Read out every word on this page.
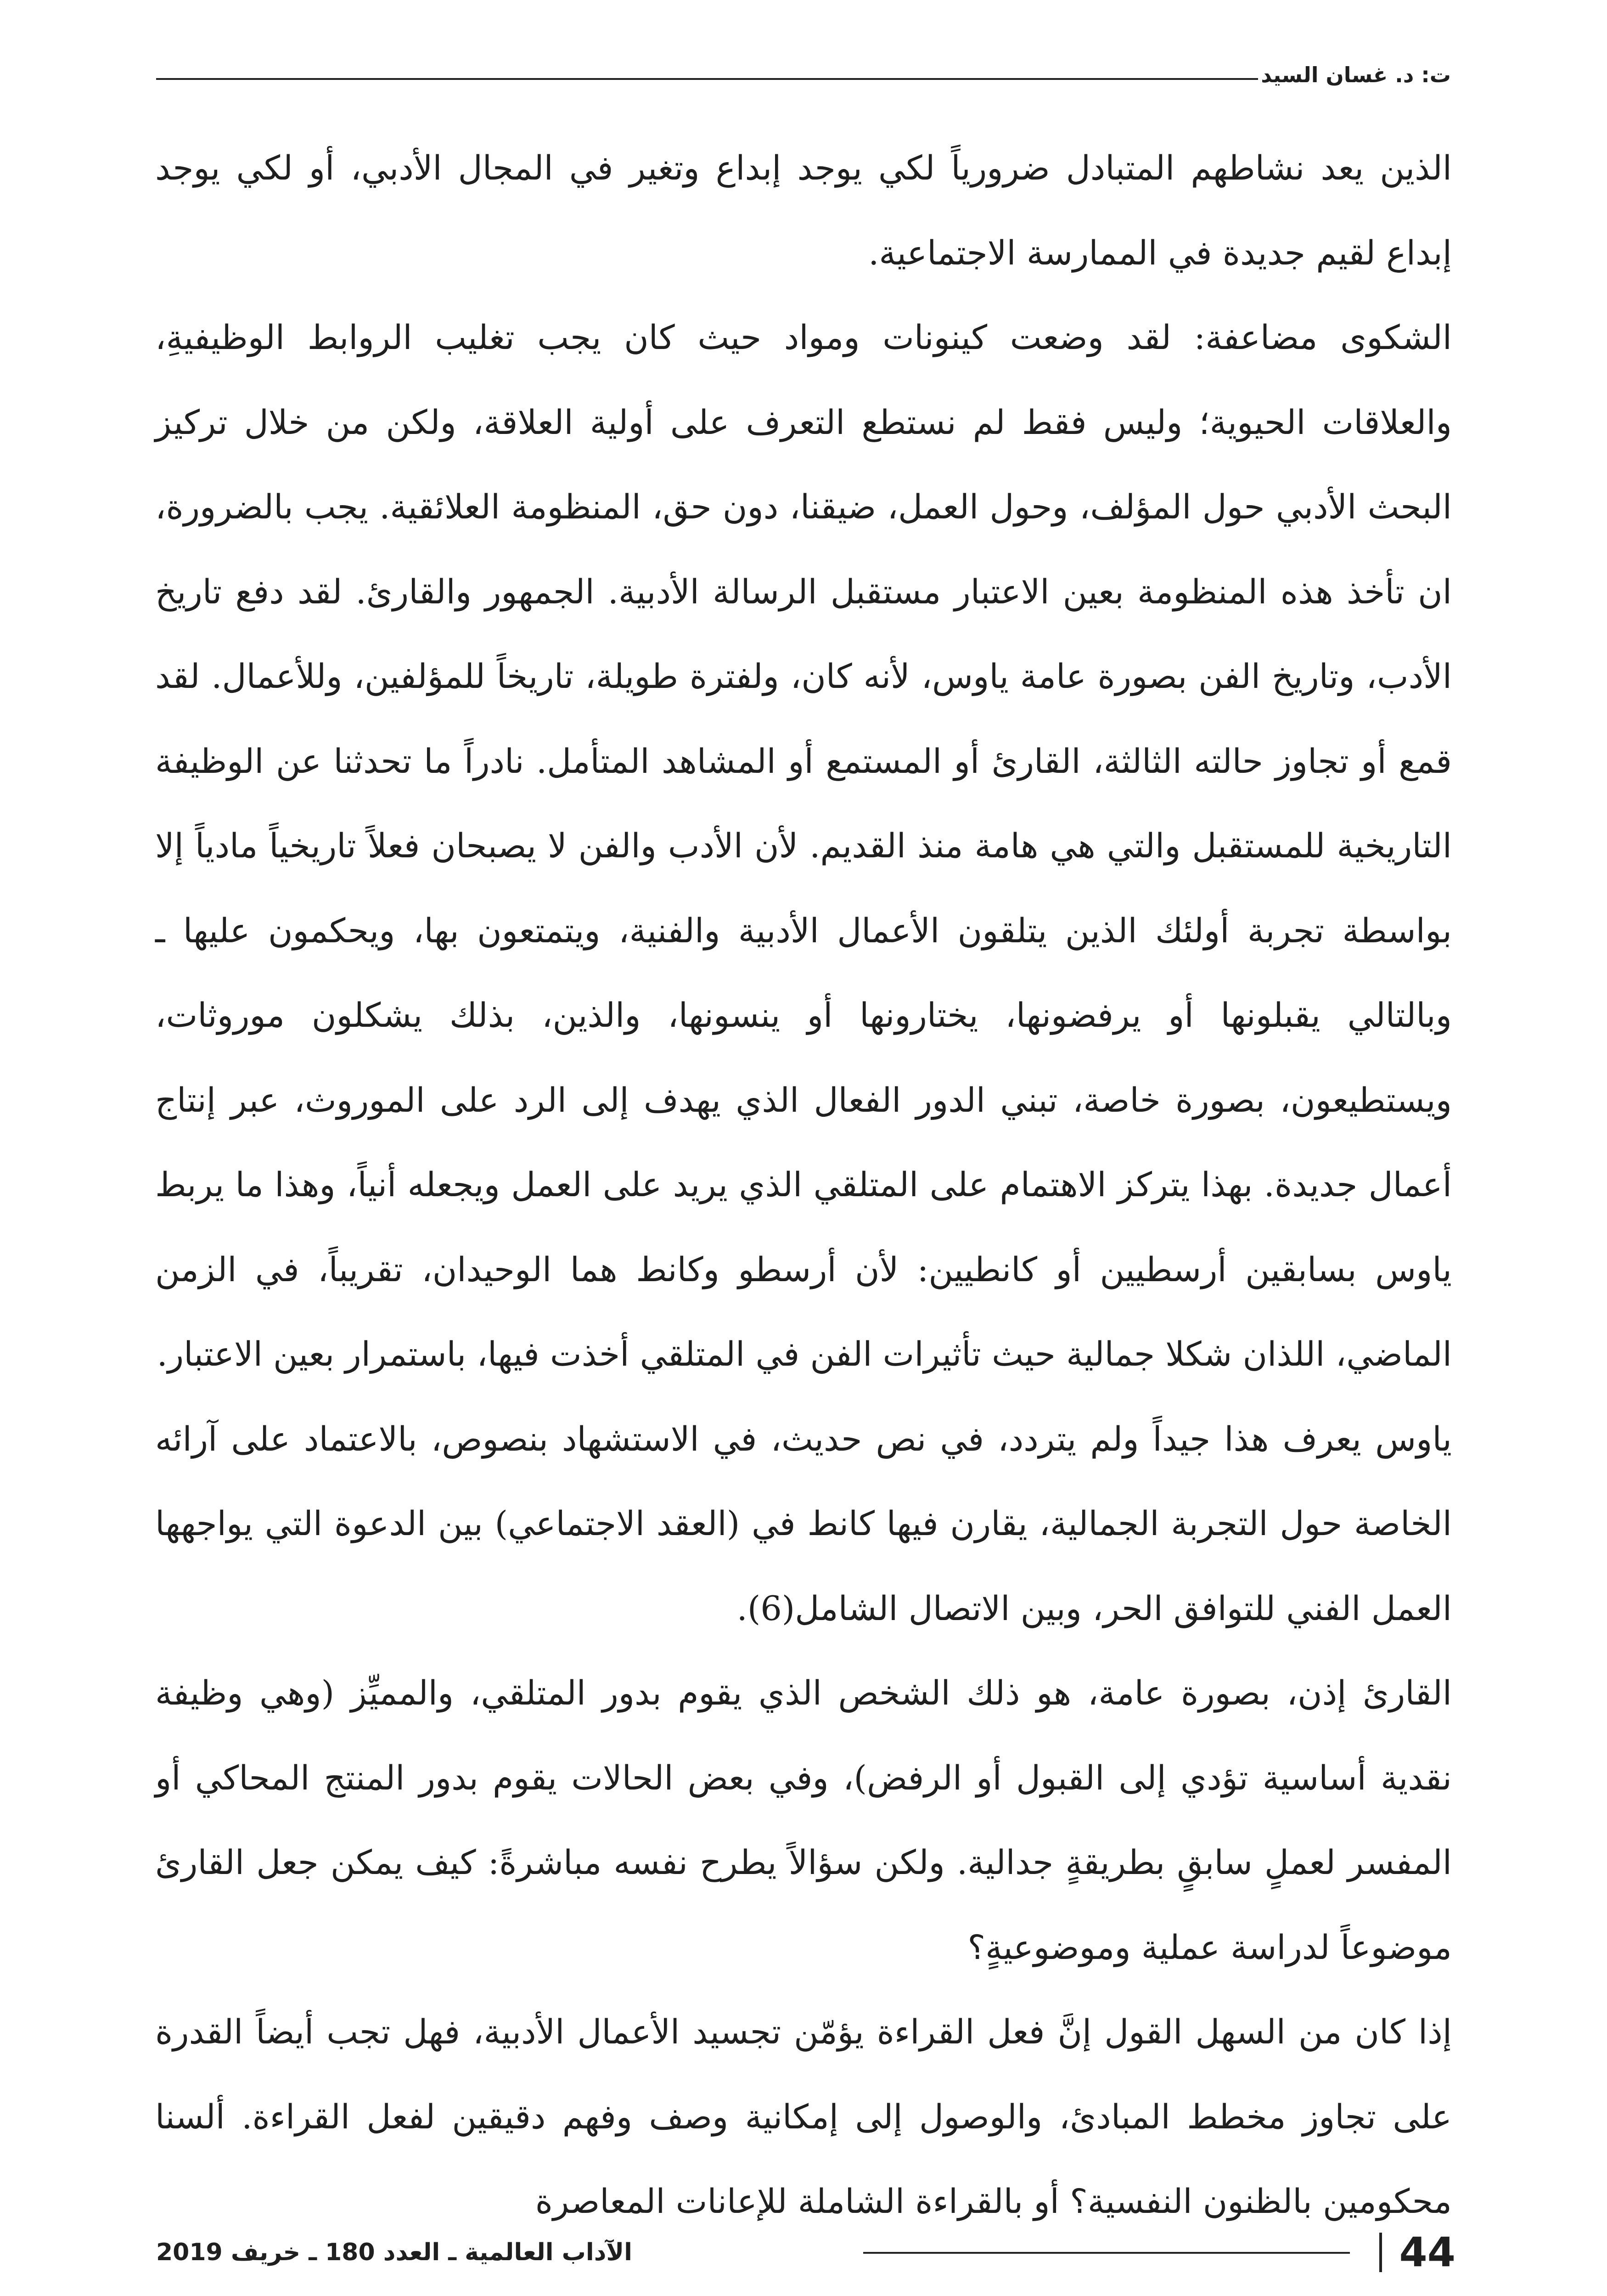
ت: د. غسان السيد

الذين يعد نشاطهم المتبادل ضرورياً لكي يوجد إبداع وتغير في المجال الأدبي، أو لكي يوجد إبداع لقيم جديدة في الممارسة الاجتماعية.

الشكوى مضاعفة: لقد وضعت كينونات ومواد حيث كان يجب تغليب الروابط الوظيفيةِ، والعلاقات الحيوية؛ وليس فقط لم نستطع التعرف على أولية العلاقة، ولكن من خلال تركيز البحث الأدبي حول المؤلف، وحول العمل، ضيقنا، دون حق، المنظومة العلائقية. يجب بالضرورة، ان تأخذ هذه المنظومة بعين الاعتبار مستقبل الرسالة الأدبية. الجمهور والقارئ. لقد دفع تاريخ الأدب، وتاريخ الفن بصورة عامة ياوس، لأنه كان، ولفترة طويلة، تاريخاً للمؤلفين، وللأعمال. لقد قمع أو تجاوز حالته الثالثة، القارئ أو المستمع أو المشاهد المتأمل. نادراً ما تحدثنا عن الوظيفة التاريخية للمستقبل والتي هي هامة منذ القديم. لأن الأدب والفن لا يصبحان فعلاً تاريخياً مادياً إلا بواسطة تجربة أولئك الذين يتلقون الأعمال الأدبية والفنية، ويتمتعون بها، ويحكمون عليها ـ وبالتالي يقبلونها أو يرفضونها، يختارونها أو ينسونها، والذين، بذلك يشكلون موروثات، ويستطيعون، بصورة خاصة، تبني الدور الفعال الذي يهدف إلى الرد على الموروث، عبر إنتاج أعمال جديدة. بهذا يتركز الاهتمام على المتلقي الذي يريد على العمل ويجعله أنياً، وهذا ما يربط ياوس بسابقين أرسطيين أو كانطيين: لأن أرسطو وكانط هما الوحيدان، تقريباً، في الزمن الماضي، اللذان شكلا جمالية حيث تأثيرات الفن في المتلقي أخذت فيها، باستمرار بعين الاعتبار.

ياوس يعرف هذا جيداً ولم يتردد، في نص حديث، في الاستشهاد بنصوص، بالاعتماد على آرائه الخاصة حول التجربة الجمالية، يقارن فيها كانط في (العقد الاجتماعي) بين الدعوة التي يواجهها العمل الفني للتوافق الحر، وبين الاتصال الشامل(6).

القارئ إذن، بصورة عامة، هو ذلك الشخص الذي يقوم بدور المتلقي، والمميِّز (وهي وظيفة نقدية أساسية تؤدي إلى القبول أو الرفض)، وفي بعض الحالات يقوم بدور المنتج المحاكي أو المفسر لعملٍ سابقٍ بطريقةٍ جدالية. ولكن سؤالاً يطرح نفسه مباشرةً: كيف يمكن جعل القارئ موضوعاً لدراسة عملية وموضوعيةٍ؟

إذا كان من السهل القول إنَّ فعل القراءة يؤمّن تجسيد الأعمال الأدبية، فهل تجب أيضاً القدرة على تجاوز مخطط المبادئ، والوصول إلى إمكانية وصف وفهم دقيقين لفعل القراءة. ألسنا محكومين بالظنون النفسية؟ أو بالقراءة الشاملة للإعانات المعاصرة

44
الآداب العالمية ـ العدد 180 ـ خريف 2019
